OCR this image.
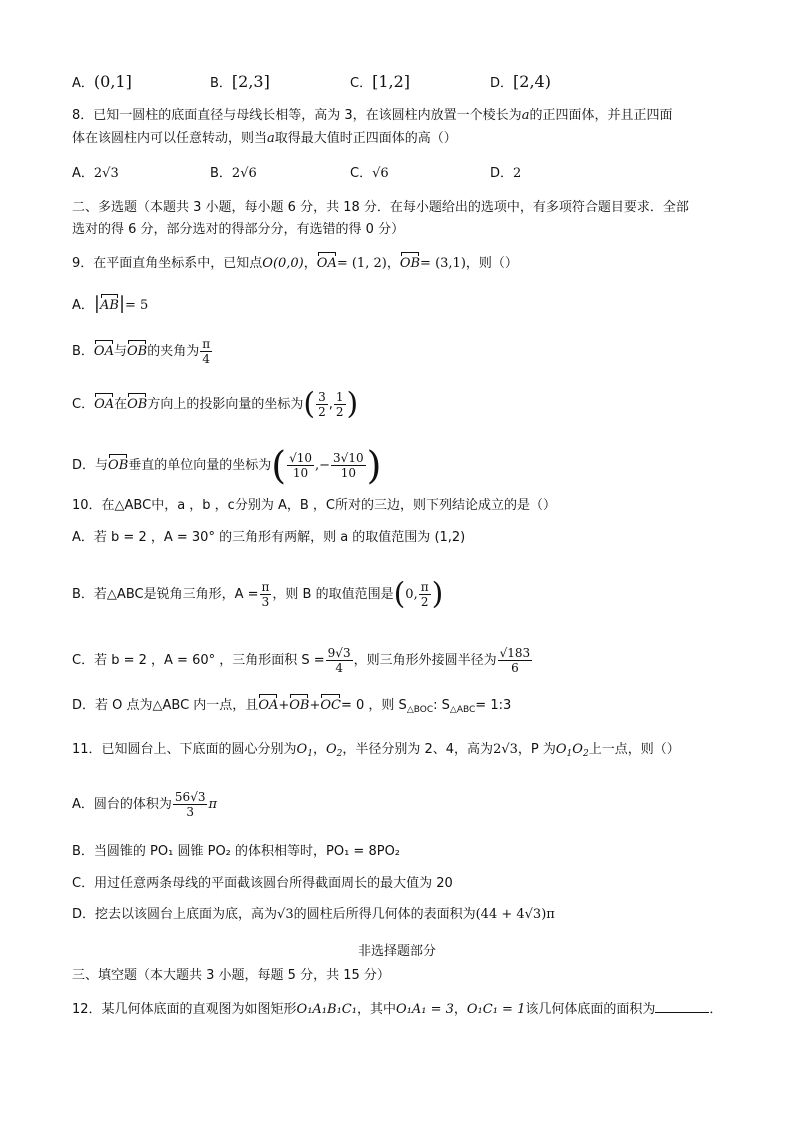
A．(0,1]	B．[2,3]	C．[1,2]	D．[2,4)
8．已知一圆柱的底面直径与母线长相等，高为 3，在该圆柱内放置一个棱长为a的正四面体，并且正四面
体在该圆柱内可以任意转动，则当a取得最大值时正四面体的高（）
A．2√3	B．2√6	C．√6	D．2
二、多选题（本题共 3 小题，每小题 6 分，共 18 分．在每小题给出的选项中，有多项符合题目要求．全部
选对的得 6 分，部分选对的得部分分，有选错的得 0 分）
9．在平面直角坐标系中，已知点O(0,0)，OA= (1, 2)，OB= (3,1)，则（）
A．|AB|= 5
B．OA与OB的夹角为 $\frac{\pi}{4}$
C．OA在OB方向上的投影向量的坐标为( $\frac{3}{2}$ , $\frac{1}{2}$ )
D．与OB垂直的单位向量的坐标为( $\frac{√10}{10}$ ,− $\frac{3√10}{10}$ )
10．在△ABC中，a ，b ，c分别为 A，B ，C所对的三边，则下列结论成立的是（）
A．若 b = 2 ，A = 30° 的三角形有两解，则 a 的取值范围为 (1,2)
B．若△ABC是锐角三角形，$A = \frac{\pi}{3}$ ，则 B 的取值范围是(0, $\frac{\pi}{2}$ )
C．若 b = 2 ，A = 60° ，三角形面积 $S = \frac{9√3}{4}$ ，则三角形外接圆半径为 $\frac{√183}{6}$
D．若 O 点为△ABC 内一点，且OA+OB+OC= 0 ，则 $S_{\triangle BOC}$: $S_{\triangle ABC}=$ 1:3
11．已知圆台上、下底面的圆心分别为$O_1$，$O_2$，半径分别为 2、4，高为2√3，P 为$O_1O_2$上一点，则（）
A．圆台的体积为 $\frac{56√3}{3}$ π
B．当圆锥的 PO₁ 圆锥 PO₂ 的体积相等时，PO₁ = 8PO₂
C．用过任意两条母线的平面截该圆台所得截面周长的最大值为 20
D．挖去以该圆台上底面为底，高为√3的圆柱后所得几何体的表面积为(44 + 4√3)π
非选择题部分
三、填空题（本大题共 3 小题，每题 5 分，共 15 分）
12．某几何体底面的直观图为如图矩形O₁A₁B₁C₁，其中O₁A₁ = 3，O₁C₁ = 1该几何体底面的面积为	．
